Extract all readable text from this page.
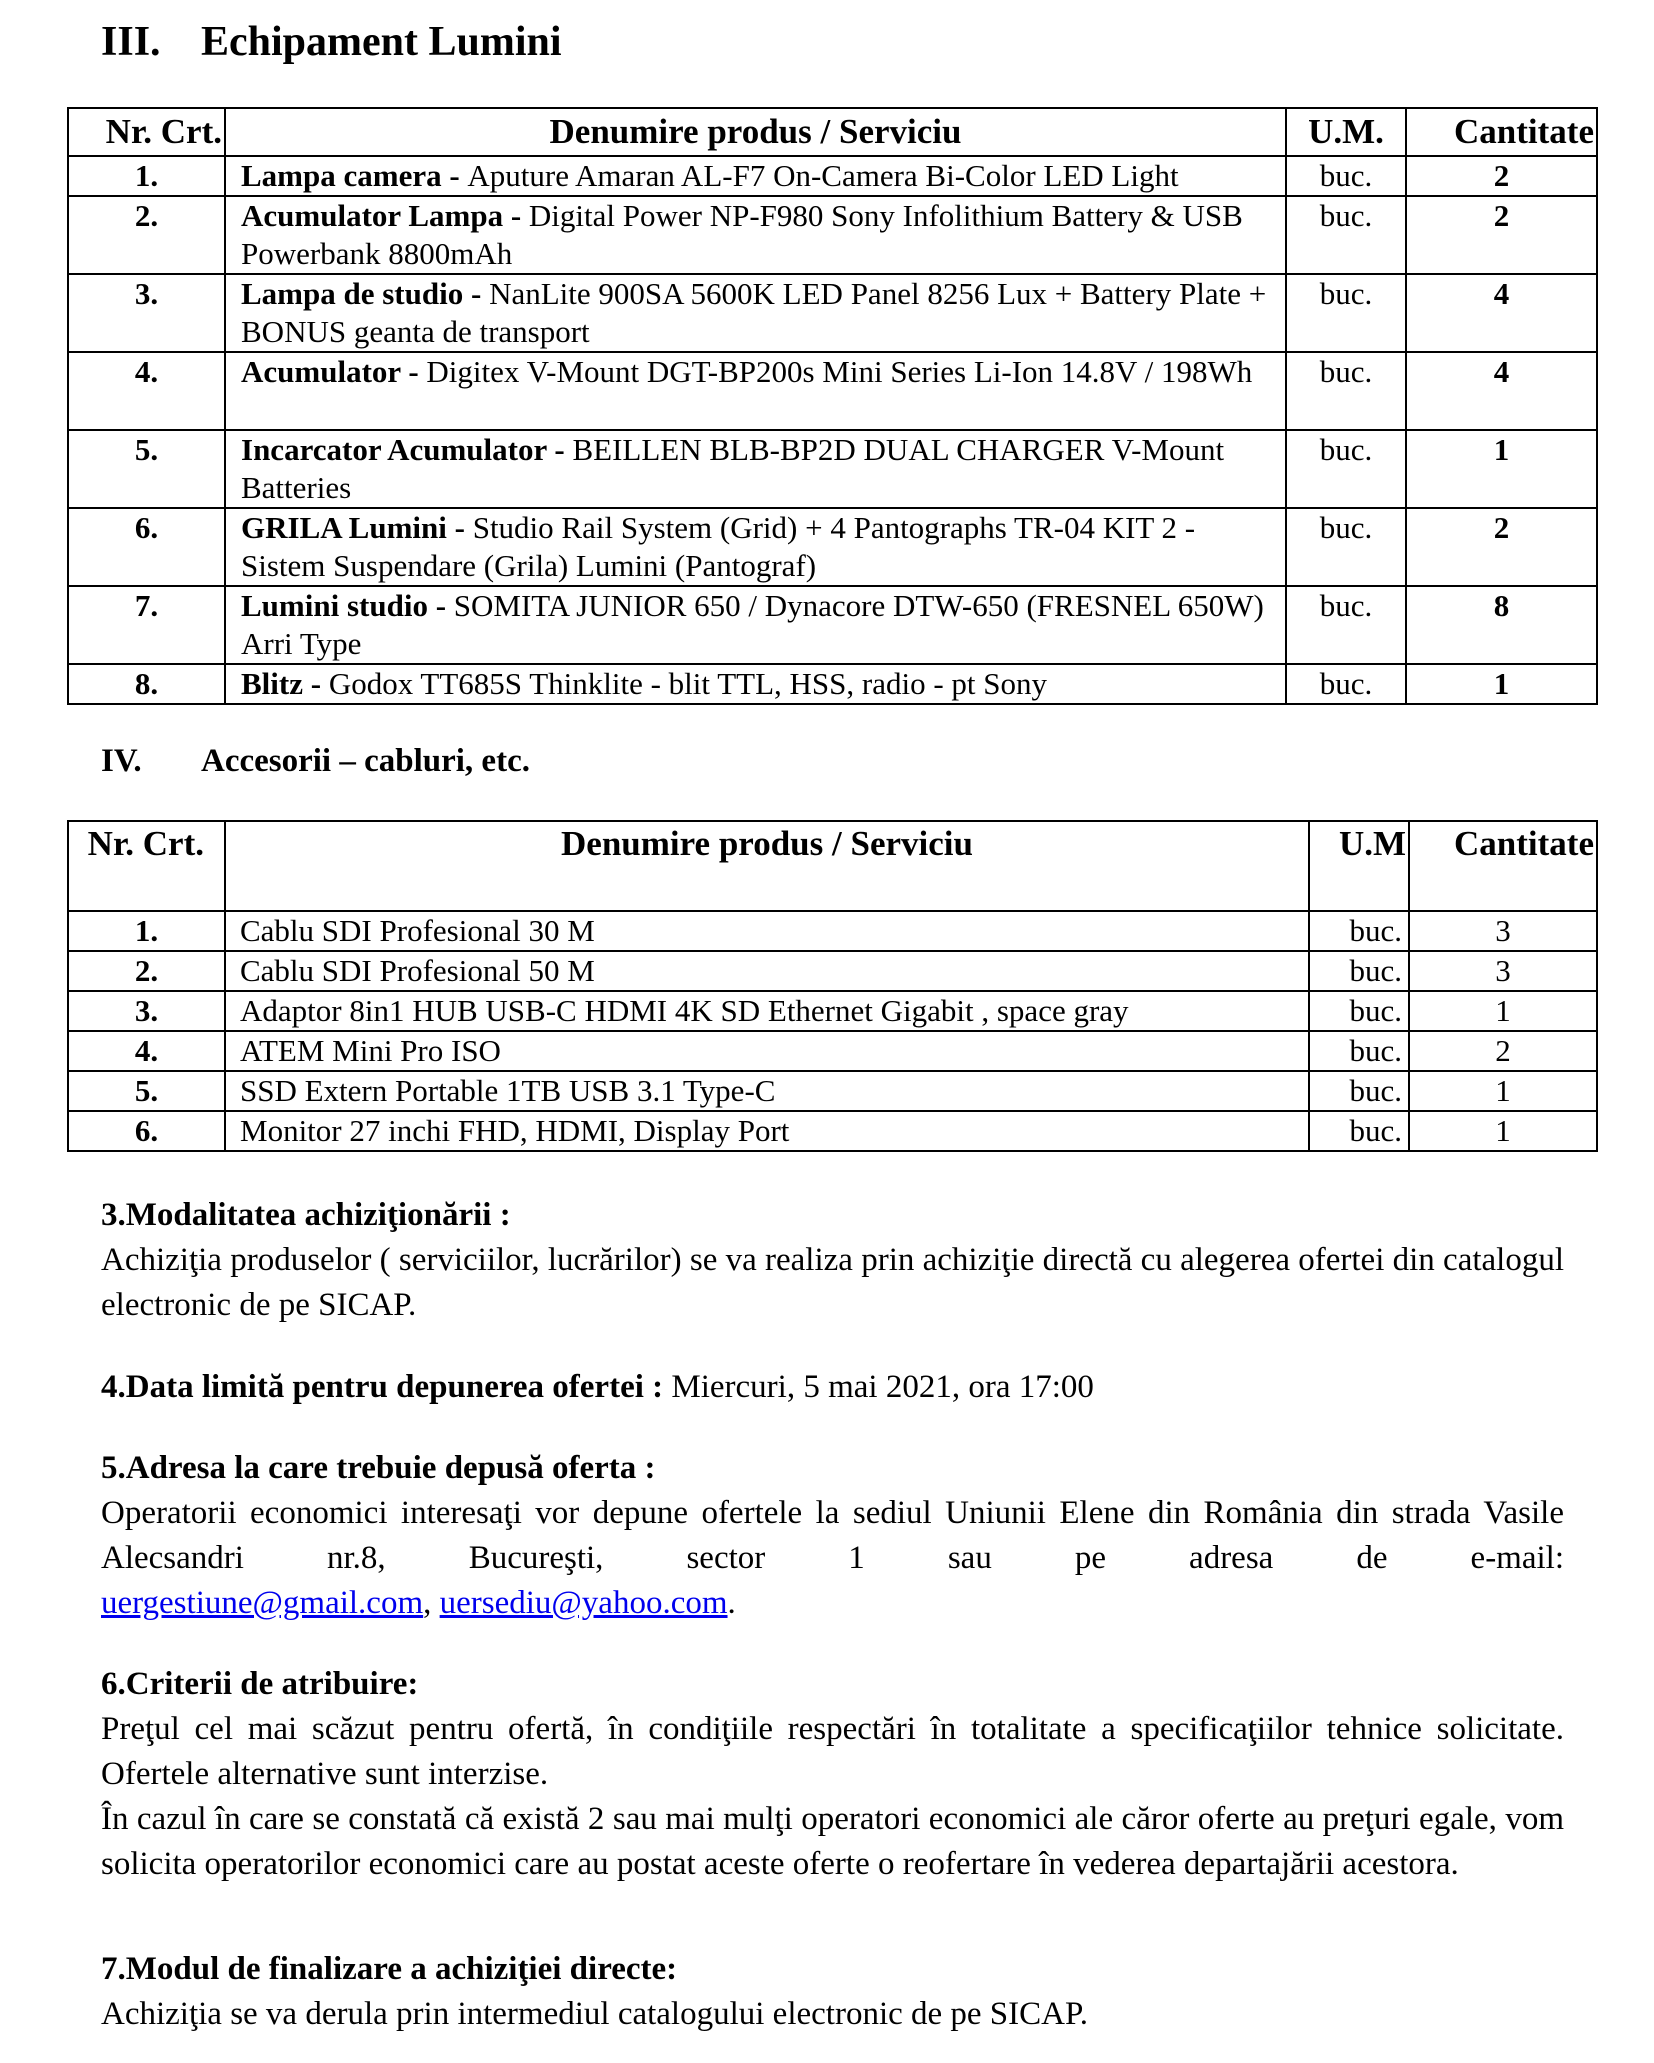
III. Echipament Lumini
Nr. Crt.	Denumire produs / Serviciu	U.M.	Cantitate
1.	Lampa camera - Aputure Amaran AL-F7 On-Camera Bi-Color LED Light	buc.	2
2.	Acumulator Lampa - Digital Power NP-F980 Sony Infolithium Battery & USB Powerbank 8800mAh	buc.	2
3.	Lampa de studio - NanLite 900SA 5600K LED Panel 8256 Lux + Battery Plate + BONUS geanta de transport	buc.	4
4.	Acumulator - Digitex V-Mount DGT-BP200s Mini Series Li-Ion 14.8V / 198Wh	buc.	4
5.	Incarcator Acumulator - BEILLEN BLB-BP2D DUAL CHARGER V-Mount Batteries	buc.	1
6.	GRILA Lumini - Studio Rail System (Grid) + 4 Pantographs TR-04 KIT 2 - Sistem Suspendare (Grila) Lumini (Pantograf)	buc.	2
7.	Lumini studio - SOMITA JUNIOR 650 / Dynacore DTW-650 (FRESNEL 650W) Arri Type	buc.	8
8.	Blitz - Godox TT685S Thinklite - blit TTL, HSS, radio - pt Sony	buc.	1
IV. Accesorii – cabluri, etc.
Nr. Crt.	Denumire produs / Serviciu	U.M	Cantitate
1.	Cablu SDI Profesional 30 M	buc.	3
2.	Cablu SDI Profesional 50 M	buc.	3
3.	Adaptor 8in1 HUB USB-C HDMI 4K SD Ethernet Gigabit , space gray	buc.	1
4.	ATEM Mini Pro ISO	buc.	2
5.	SSD Extern Portable 1TB USB 3.1 Type-C	buc.	1
6.	Monitor 27 inchi FHD, HDMI, Display Port	buc.	1
3.Modalitatea achiziţionării :
Achiziţia produselor ( serviciilor, lucrărilor) se va realiza prin achiziţie directă cu alegerea ofertei din catalogul electronic de pe SICAP.
4.Data limită pentru depunerea ofertei : Miercuri, 5 mai 2021, ora 17:00
5.Adresa la care trebuie depusă oferta :
Operatorii economici interesaţi vor depune ofertele la sediul Uniunii Elene din România din strada Vasile Alecsandri nr.8, Bucureşti, sector 1 sau pe adresa de e-mail:
uergestiune@gmail.com, uersediu@yahoo.com.
6.Criterii de atribuire:
Preţul cel mai scăzut pentru ofertă, în condiţiile respectări în totalitate a specificaţiilor tehnice solicitate. Ofertele alternative sunt interzise.
În cazul în care se constată că există 2 sau mai mulţi operatori economici ale căror oferte au preţuri egale, vom solicita operatorilor economici care au postat aceste oferte o reofertare în vederea departajării acestora.
7.Modul de finalizare a achiziţiei directe:
Achiziţia se va derula prin intermediul catalogului electronic de pe SICAP.
